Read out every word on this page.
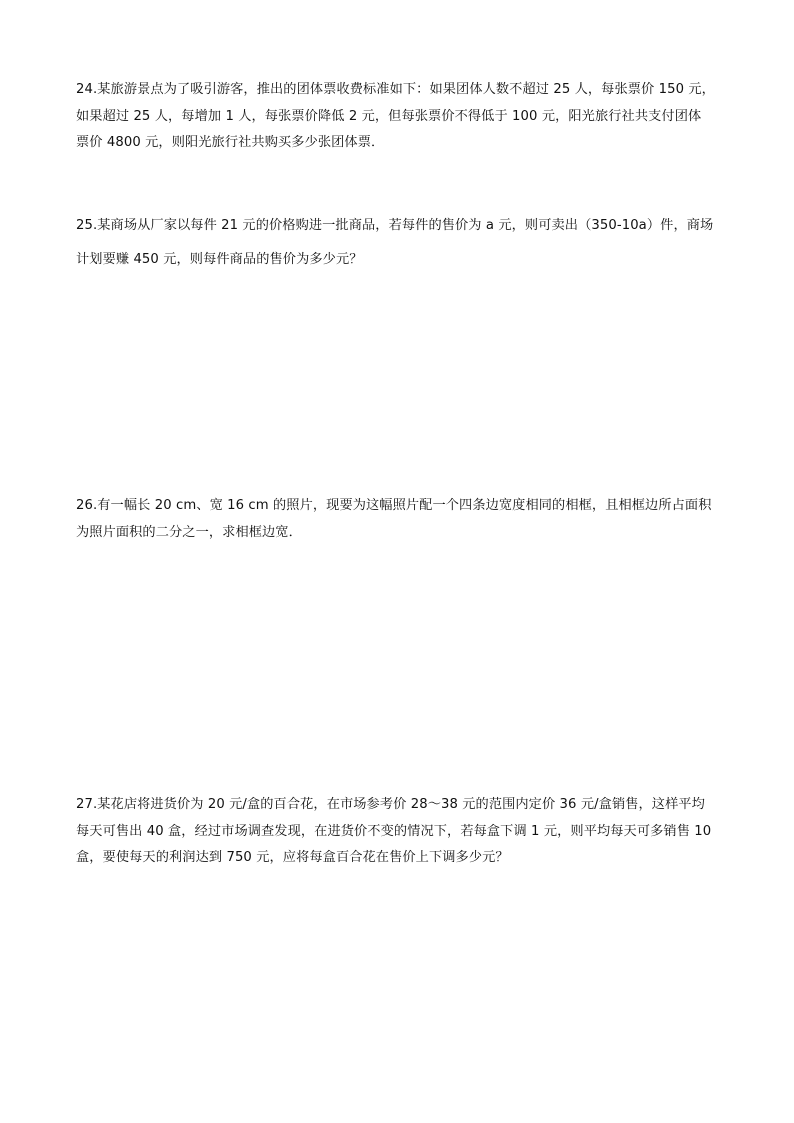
24.某旅游景点为了吸引游客，推出的团体票收费标准如下：如果团体人数不超过 25 人，每张票价 150 元，
如果超过 25 人，每增加 1 人，每张票价降低 2 元，但每张票价不得低于 100 元，阳光旅行社共支付团体
票价 4800 元，则阳光旅行社共购买多少张团体票．
25.某商场从厂家以每件 21 元的价格购进一批商品，若每件的售价为 a 元，则可卖出（350-10a）件，商场
计划要赚 450 元，则每件商品的售价为多少元？
26.有一幅长 20 cm、宽 16 cm 的照片，现要为这幅照片配一个四条边宽度相同的相框，且相框边所占面积
为照片面积的二分之一，求相框边宽．
27.某花店将进货价为 20 元/盒的百合花，在市场参考价 28～38 元的范围内定价 36 元/盒销售，这样平均
每天可售出 40 盒，经过市场调查发现，在进货价不变的情况下，若每盒下调 1 元，则平均每天可多销售 10
盒，要使每天的利润达到 750 元，应将每盒百合花在售价上下调多少元？
